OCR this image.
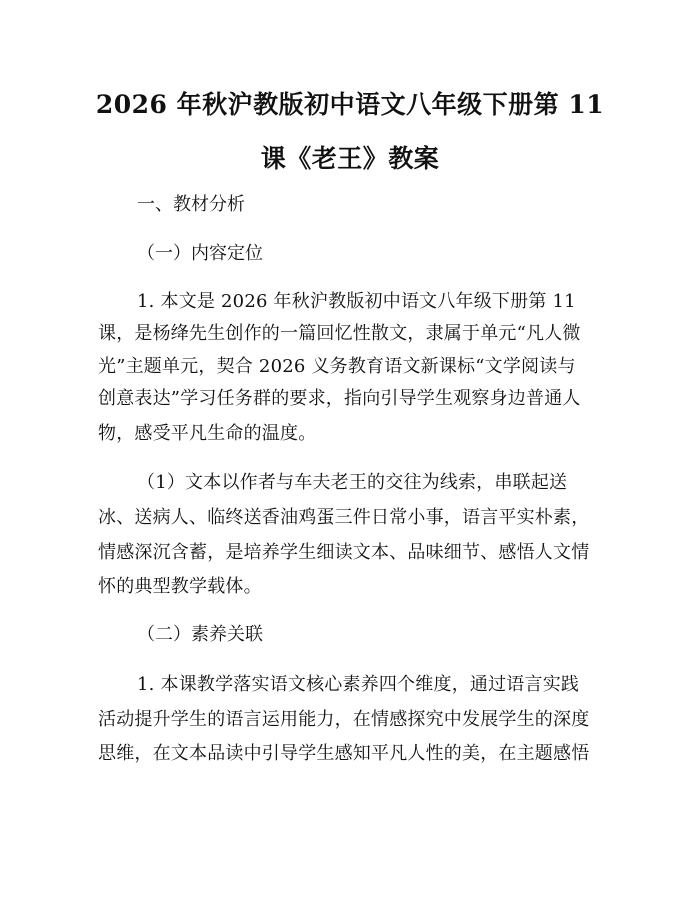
2026 年秋沪教版初中语文八年级下册第 11
课《老王》教案
一、教材分析
（一）内容定位
1. 本文是 2026 年秋沪教版初中语文八年级下册第 11
课，是杨绛先生创作的一篇回忆性散文，隶属于单元“凡人微
光”主题单元，契合 2026 义务教育语文新课标“文学阅读与
创意表达”学习任务群的要求，指向引导学生观察身边普通人
物，感受平凡生命的温度。
（1）文本以作者与车夫老王的交往为线索，串联起送
冰、送病人、临终送香油鸡蛋三件日常小事，语言平实朴素，
情感深沉含蓄，是培养学生细读文本、品味细节、感悟人文情
怀的典型教学载体。
（二）素养关联
1. 本课教学落实语文核心素养四个维度，通过语言实践
活动提升学生的语言运用能力，在情感探究中发展学生的深度
思维，在文本品读中引导学生感知平凡人性的美，在主题感悟
